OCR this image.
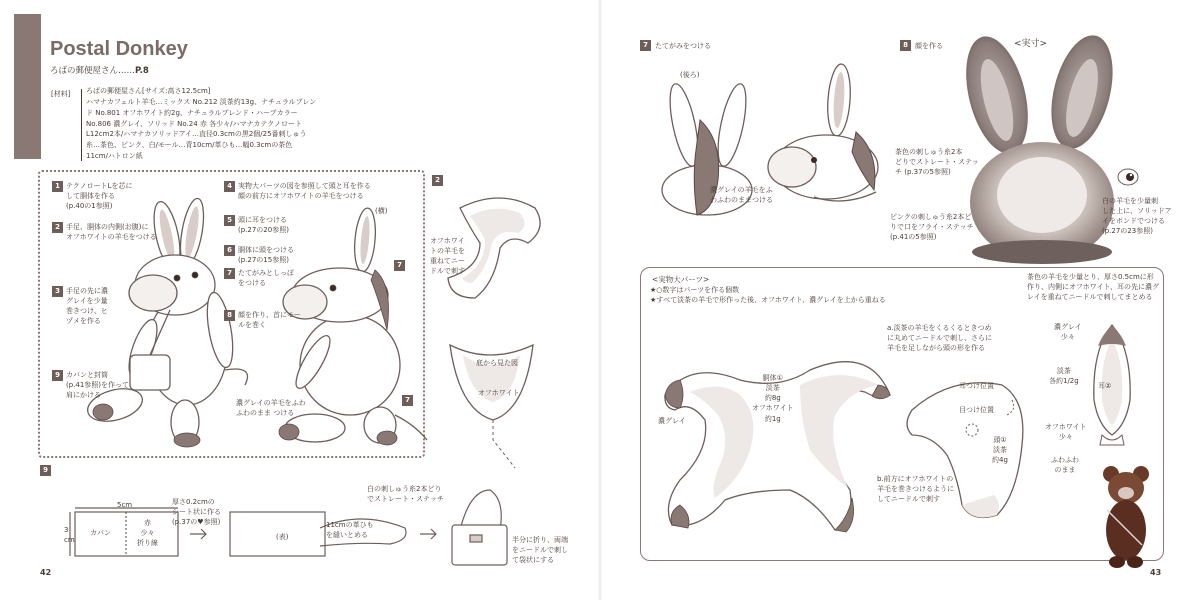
Postal Donkey
ろばの郵便屋さん……P.8
[材料] ろばの郵便屋さん[サイズ:高さ12.5cm]
ハマナカフェルト羊毛…ミックス No.212 淡茶約13g、ナチュラルブレン
ド No.801 オフホワイト約2g、ナチュラルブレンド・ハーブカラー
No.806 濃グレイ、ソリッド No.24 赤 各少々/ハマナカテクノロート
L12cm2本/ハマナカソリッドアイ…直径0.3cmの黒2個/25番刺しゅう
糸…茶色、ピンク、白/モール…青10cm/革ひも…幅0.3cmの茶色
11cm/ハトロン紙
1 テクノロートLを芯に
して胴体を作る
(p.40の1参照)
2 手足、胴体の内側(お腹)に
オフホワイトの羊毛をつける
3 手足の先に濃
グレイを少量
巻きつけ、ヒ
ヅメを作る
4 実物大パーツの図を参照して頭と耳を作る
顔の前方にオフホワイトの羊毛をつける
5 頭に耳をつける
(p.27の20参照)
6 胴体に頭をつける
(p.27の15参照)
7 たてがみとしっぽ
をつける
8 顔を作り、首にモー
ルを巻く
9 カバンと封筒
(p.41参照)を作って
肩にかける
(横)
7
7
濃グレイの羊毛をふわ
ふわのまま つける
2
オフホワイ
トの羊毛を
重ねてニー
ドルで刺す
底から見た図
オフホワイト
9
5cm
3
cm
カバン
赤
少々
折り線
厚さ0.2cmの
シート状に作る
(p.37の♥参照)
(表)
11cmの革ひも
を縫いとめる
白の刺しゅう糸2本どり
でストレート・ステッチ
半分に折り、両端
をニードルで刺し
て袋状にする
42
7	たてがみをつける
(後ろ)
濃グレイの羊毛をふ
わふわのままつける
8	顔を作る	<実寸>
茶色の刺しゅう糸2本
どりでストレート・ステッ
チ (p.37の5参照)
ピンクの刺しゅう糸2本ど
りで口をフライ・ステッチ
(p.41の5参照)
白の羊毛を少量刺
した上に、ソリッドア
イをボンドでつける
(p.27の23参照)
<実物大パーツ>
★○数字はパーツを作る個数
★すべて淡茶の羊毛で形作った後、オフホワイト、濃グレイを上から重ねる
胴体①
淡茶
約8g
オフホワイト
約1g
濃グレイ
a.淡茶の羊毛をくるくるときつめ
に丸めてニードルで刺し、さらに
羊毛を足しながら頭の形を作る
耳つけ位置
目つけ位置
頭①
淡茶
約4g
b.前方にオフホワイトの
羊毛を巻きつけるように
してニードルで刺す
茶色の羊毛を少量とり、厚さ0.5cmに形
作り、内側にオフホワイト、耳の先に濃グ
レイを重ねてニードルで刺してまとめる
濃グレイ
少々
淡茶
各約1/2g
耳②
オフホワイト
少々
ふわふわ
のまま
43
